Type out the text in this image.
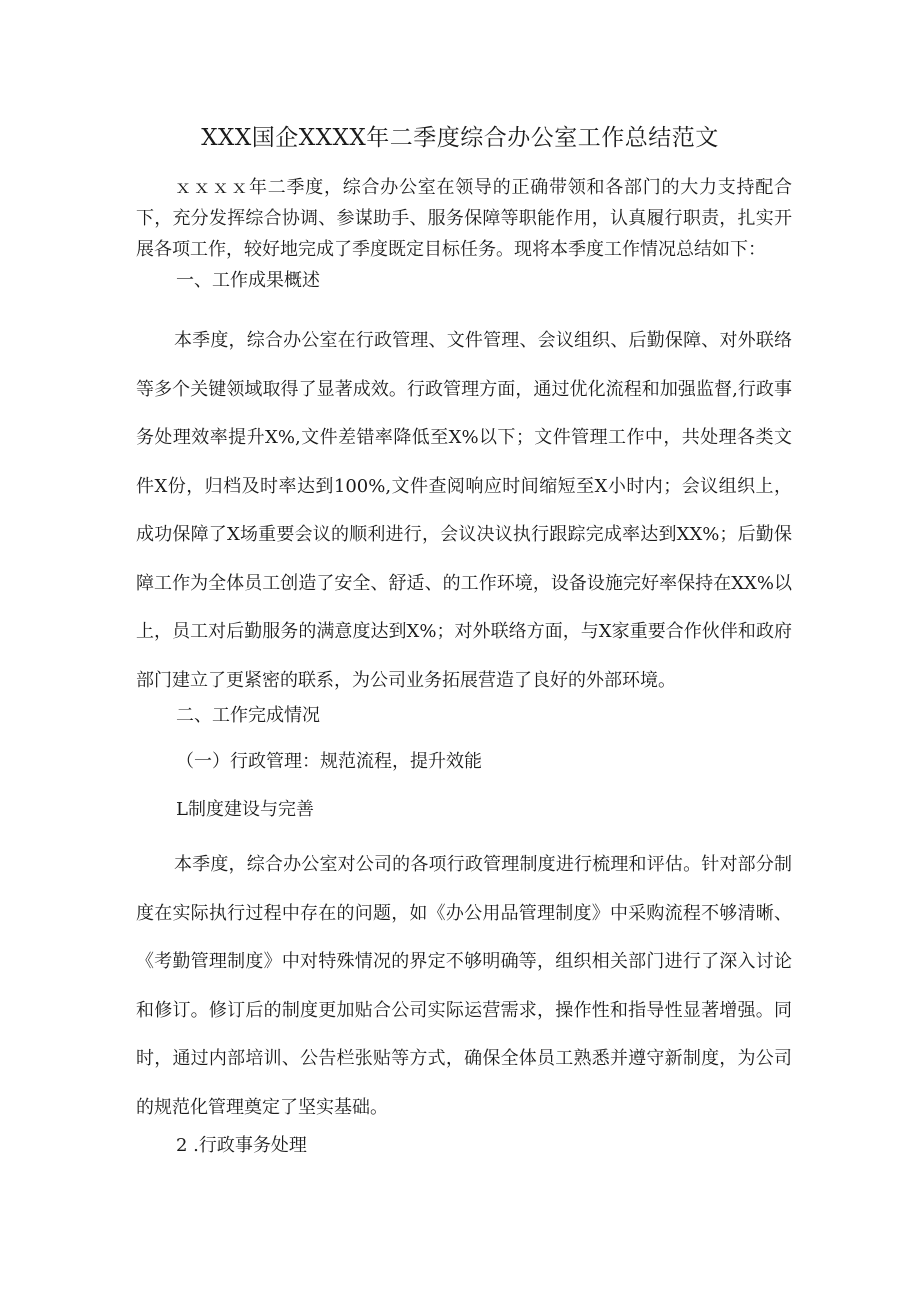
XXX国企XXXX年二季度综合办公室工作总结范文

ｘｘｘｘ年二季度，综合办公室在领导的正确带领和各部门的大力支持配合下，充分发挥综合协调、参谋助手、服务保障等职能作用，认真履行职责，扎实开展各项工作，较好地完成了季度既定目标任务。现将本季度工作情况总结如下：

一、工作成果概述

本季度，综合办公室在行政管理、文件管理、会议组织、后勤保障、对外联络等多个关键领域取得了显著成效。行政管理方面，通过优化流程和加强监督,行政事务处理效率提升X%,文件差错率降低至X%以下；文件管理工作中，共处理各类文件X份，归档及时率达到100%,文件查阅响应时间缩短至X小时内；会议组织上，成功保障了X场重要会议的顺利进行，会议决议执行跟踪完成率达到XX%；后勤保障工作为全体员工创造了安全、舒适、的工作环境，设备设施完好率保持在XX%以上，员工对后勤服务的满意度达到X%；对外联络方面，与X家重要合作伙伴和政府部门建立了更紧密的联系，为公司业务拓展营造了良好的外部环境。

二、工作完成情况

（一）行政管理：规范流程，提升效能

L制度建设与完善

本季度，综合办公室对公司的各项行政管理制度进行梳理和评估。针对部分制度在实际执行过程中存在的问题，如《办公用品管理制度》中采购流程不够清晰、《考勤管理制度》中对特殊情况的界定不够明确等，组织相关部门进行了深入讨论和修订。修订后的制度更加贴合公司实际运营需求，操作性和指导性显著增强。同时，通过内部培训、公告栏张贴等方式，确保全体员工熟悉并遵守新制度，为公司的规范化管理奠定了坚实基础。

2 .行政事务处理
